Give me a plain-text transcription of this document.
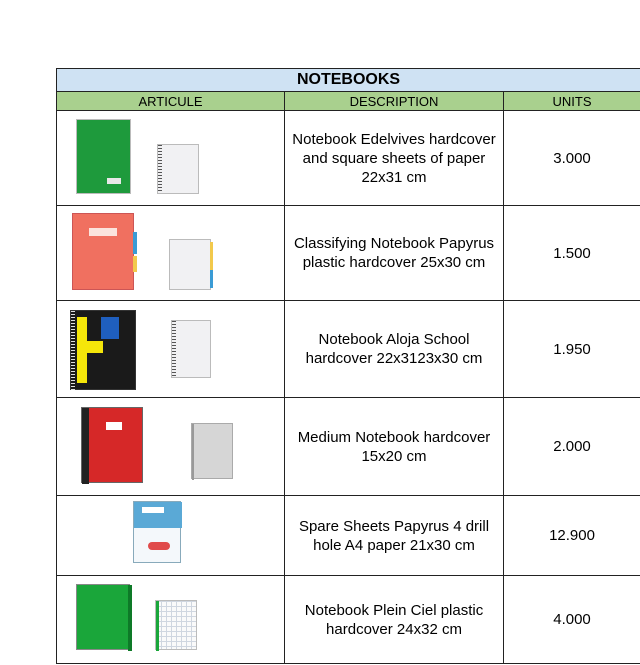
NOTEBOOKS		
ARTICULE	DESCRIPTION	UNITS

	Notebook Edelvives hardcover and square sheets of paper 22x31 cm	3.000

	Classifying Notebook Papyrus plastic hardcover 25x30 cm	1.500

	Notebook Aloja School hardcover 22x3123x30 cm	1.950

	Medium Notebook hardcover 15x20 cm	2.000

	Spare Sheets Papyrus 4 drill hole A4 paper 21x30 cm	12.900

	Notebook Plein Ciel plastic hardcover 24x32 cm	4.000
